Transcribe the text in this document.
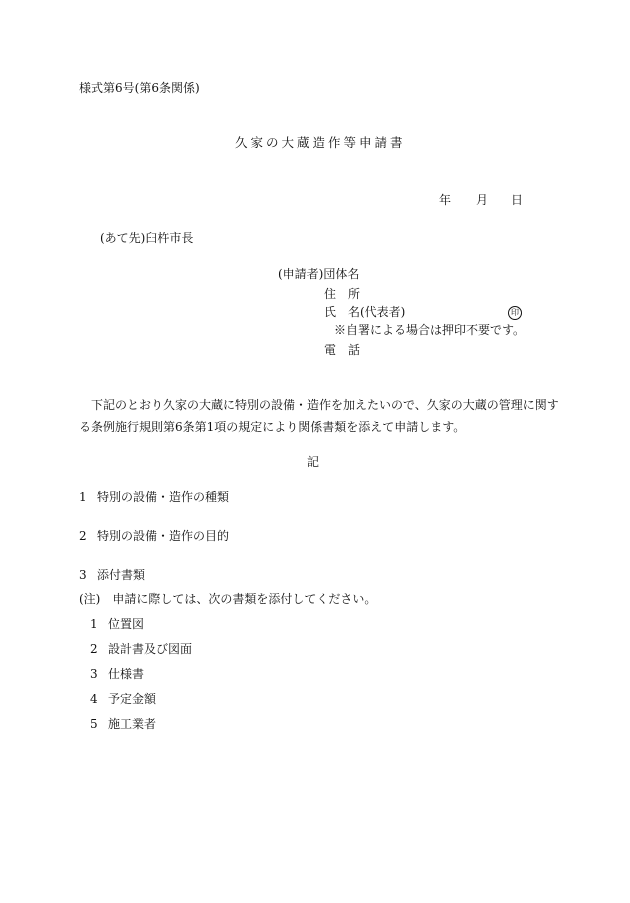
様式第6号(第6条関係)
久家の大蔵造作等申請書
年 月 日
(あて先)臼杵市長
(申請者)団体名
住　所
氏　名(代表者)	印
※自署による場合は押印不要です。
電　話
下記のとおり久家の大蔵に特別の設備・造作を加えたいので、久家の大蔵の管理に関する条例施行規則第6条第1項の規定により関係書類を添えて申請します。
記
1 特別の設備・造作の種類
2 特別の設備・造作の目的
3 添付書類
(注)　 申請に際しては、次の書類を添付してください。
1 位置図
2 設計書及び図面
3 仕様書
4 予定金額
5 施工業者
